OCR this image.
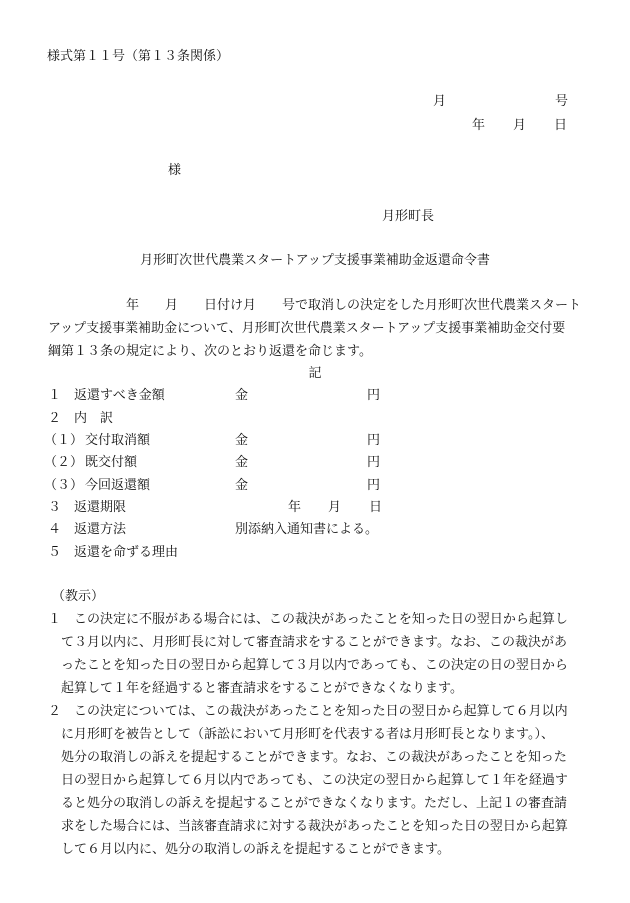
様式第１１号（第１３条関係）
月	号
年 月 日
様
月形町長
月形町次世代農業スタートアップ支援事業補助金返還命令書
　　　　　　年　　月　　日付け月　　号で取消しの決定をした月形町次世代農業スタート
アップ支援事業補助金について、月形町次世代農業スタートアップ支援事業補助金交付要
綱第１３条の規定により、次のとおり返還を命じます。
記
１ 返還すべき金額	金	円
２ 内　訳
（１） 交付取消額	金	円
（２） 既交付額	金	円
（３） 今回返還額	金	円
３ 返還期限	年 月 日
４ 返還方法	別添納入通知書による。
５ 返還を命ずる理由
（教示）
１　この決定に不服がある場合には、この裁決があったことを知った日の翌日から起算し
　て３月以内に、月形町長に対して審査請求をすることができます。なお、この裁決があ
　ったことを知った日の翌日から起算して３月以内であっても、この決定の日の翌日から
　起算して１年を経過すると審査請求をすることができなくなります。
２　この決定については、この裁決があったことを知った日の翌日から起算して６月以内
　に月形町を被告として（訴訟において月形町を代表する者は月形町長となります。）、
　処分の取消しの訴えを提起することができます。なお、この裁決があったことを知った
　日の翌日から起算して６月以内であっても、この決定の翌日から起算して１年を経過す
　ると処分の取消しの訴えを提起することができなくなります。ただし、上記１の審査請
　求をした場合には、当該審査請求に対する裁決があったことを知った日の翌日から起算
　して６月以内に、処分の取消しの訴えを提起することができます。
